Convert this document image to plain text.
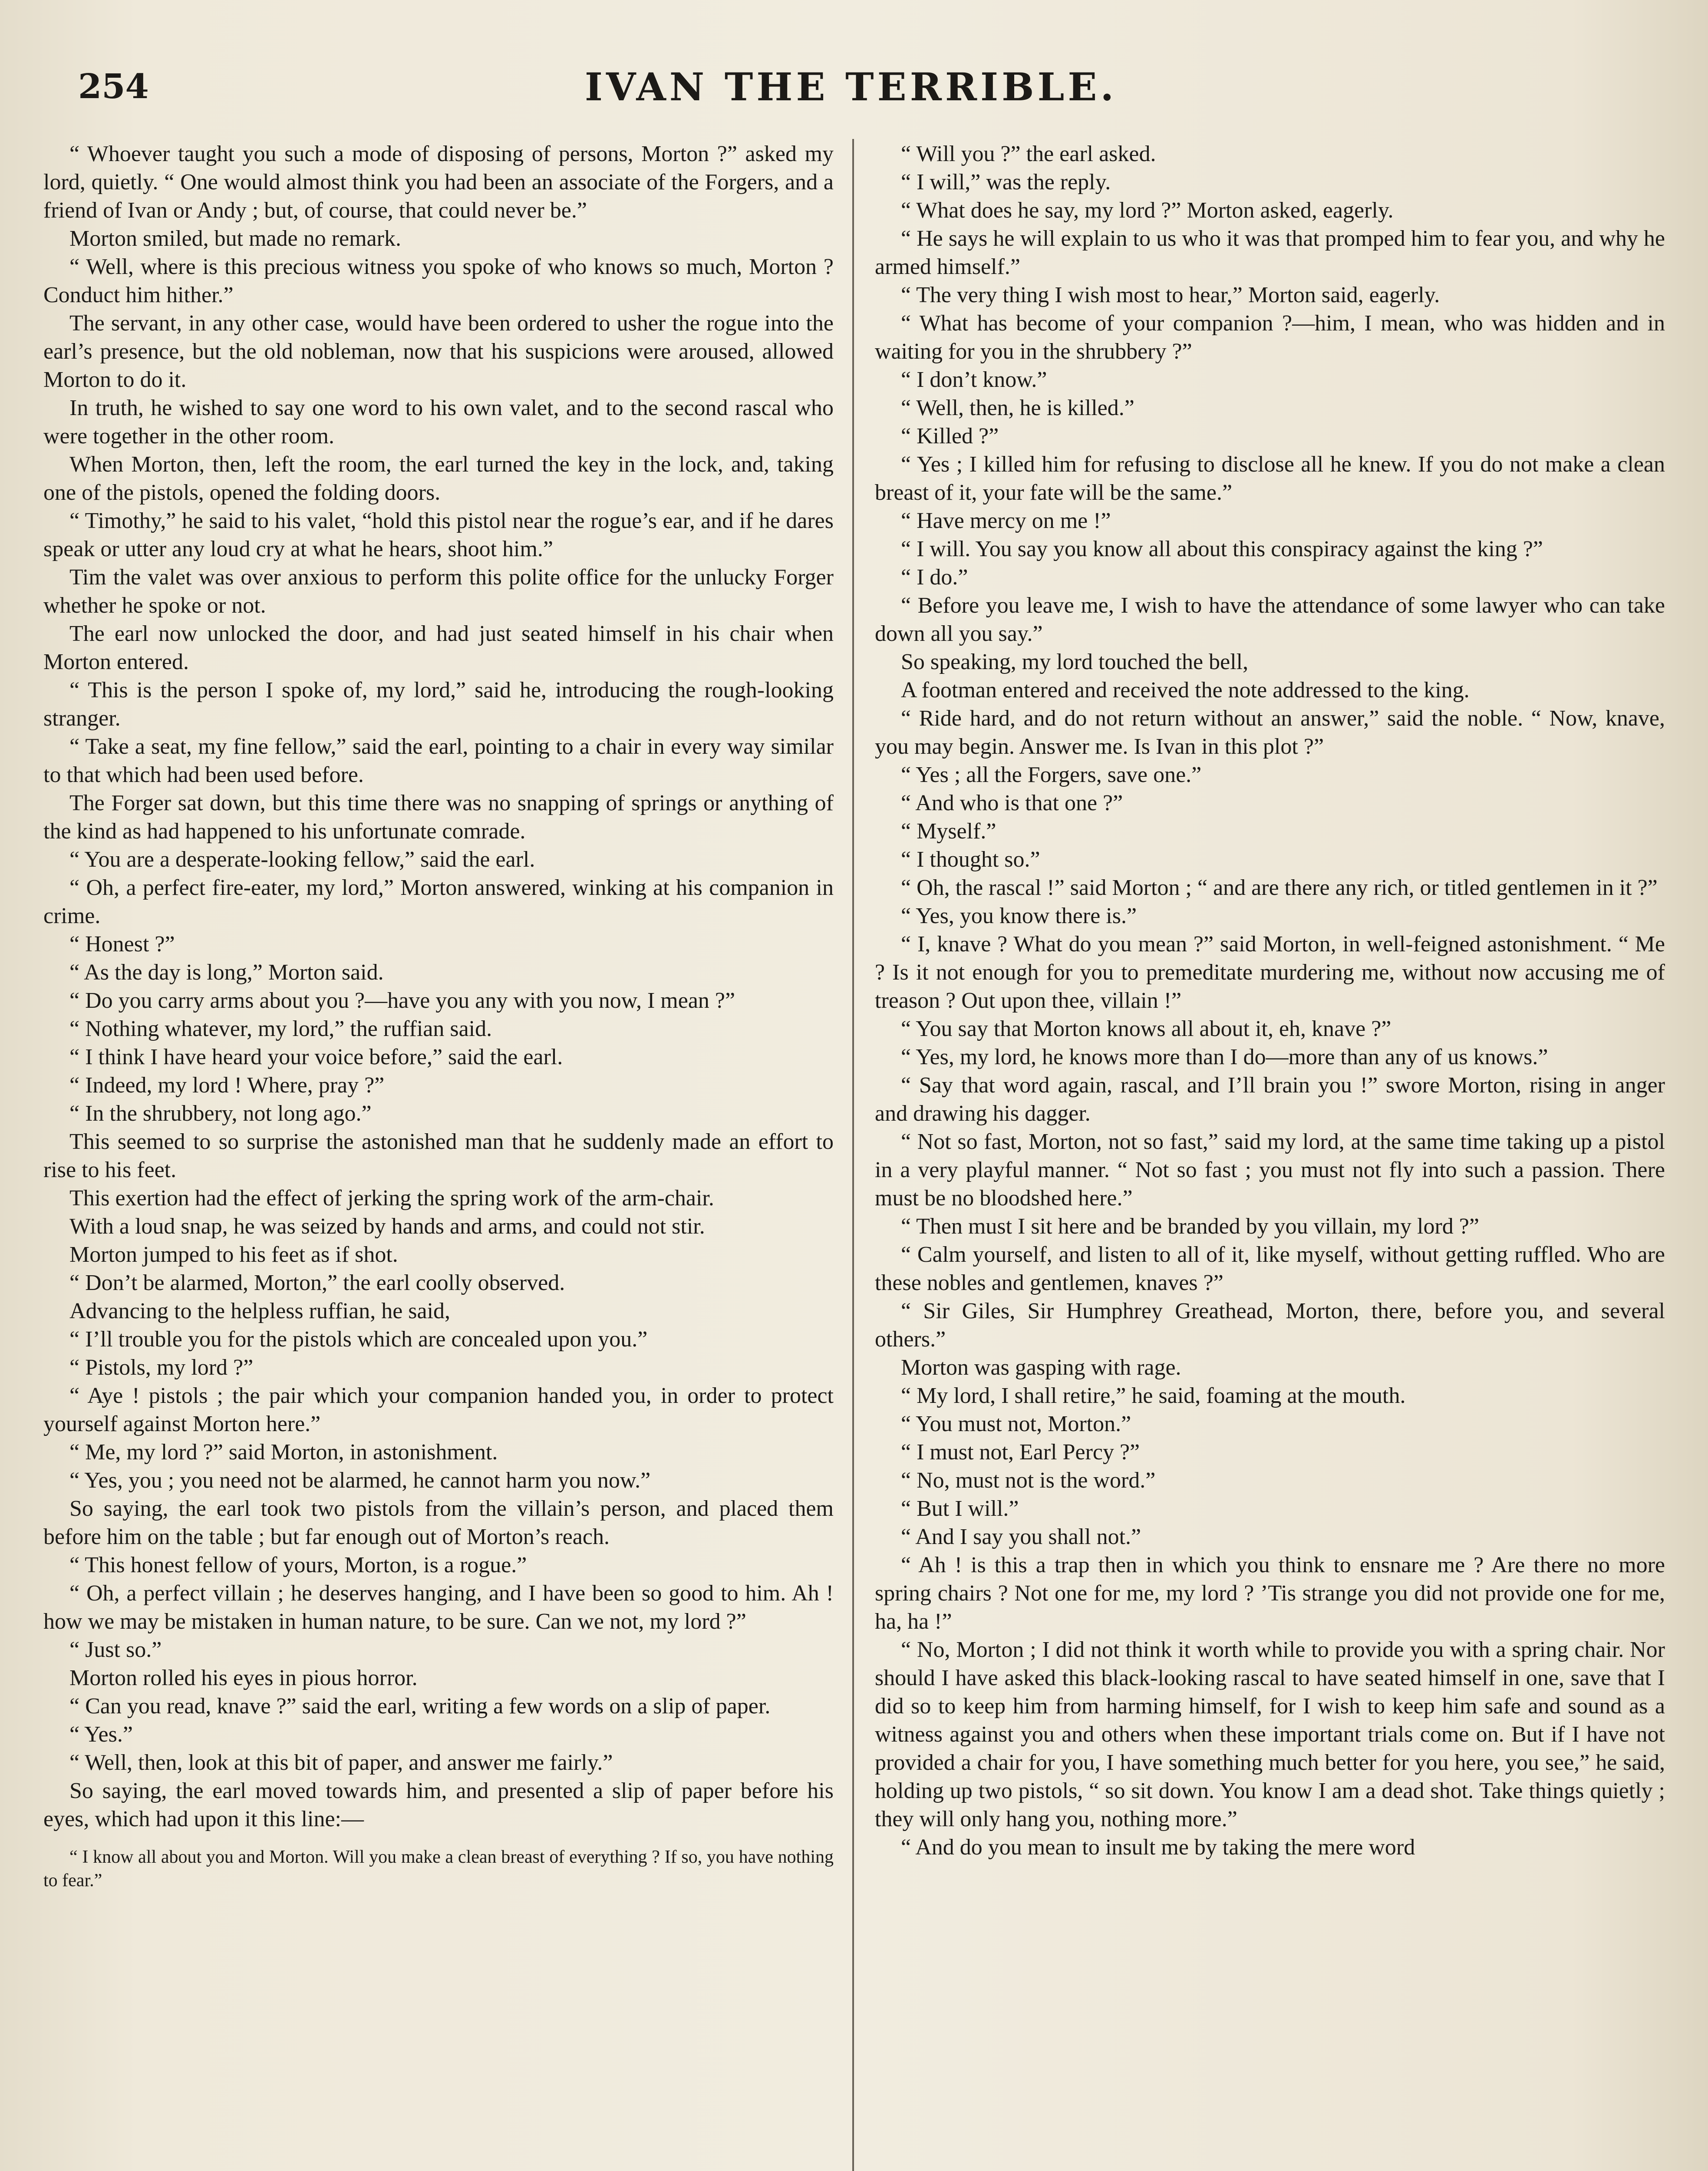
254	IVAN THE TERRIBLE.

“ Whoever taught you such a mode of disposing of persons, Morton ?” asked my lord, quietly. “ One would almost think you had been an associate of the Forgers, and a friend of Ivan or Andy ; but, of course, that could never be.”

Morton smiled, but made no remark.

“ Well, where is this precious witness you spoke of who knows so much, Morton ? Conduct him hither.”

The servant, in any other case, would have been ordered to usher the rogue into the earl’s presence, but the old nobleman, now that his suspicions were aroused, allowed Morton to do it.

In truth, he wished to say one word to his own valet, and to the second rascal who were together in the other room.

When Morton, then, left the room, the earl turned the key in the lock, and, taking one of the pistols, opened the folding doors.

“ Timothy,” he said to his valet, “hold this pistol near the rogue’s ear, and if he dares speak or utter any loud cry at what he hears, shoot him.”

Tim the valet was over anxious to perform this polite office for the unlucky Forger whether he spoke or not.

The earl now unlocked the door, and had just seated himself in his chair when Morton entered.

“ This is the person I spoke of, my lord,” said he, introducing the rough-looking stranger.

“ Take a seat, my fine fellow,” said the earl, pointing to a chair in every way similar to that which had been used before.

The Forger sat down, but this time there was no snapping of springs or anything of the kind as had happened to his unfortunate comrade.

“ You are a desperate-looking fellow,” said the earl.

“ Oh, a perfect fire-eater, my lord,” Morton answered, winking at his companion in crime.

“ Honest ?”

“ As the day is long,” Morton said.

“ Do you carry arms about you ?—have you any with you now, I mean ?”

“ Nothing whatever, my lord,” the ruffian said.

“ I think I have heard your voice before,” said the earl.

“ Indeed, my lord ! Where, pray ?”

“ In the shrubbery, not long ago.”

This seemed to so surprise the astonished man that he suddenly made an effort to rise to his feet.

This exertion had the effect of jerking the spring work of the arm-chair.

With a loud snap, he was seized by hands and arms, and could not stir.

Morton jumped to his feet as if shot.

“ Don’t be alarmed, Morton,” the earl coolly observed.

Advancing to the helpless ruffian, he said,

“ I’ll trouble you for the pistols which are concealed upon you.”

“ Pistols, my lord ?”

“ Aye ! pistols ; the pair which your companion handed you, in order to protect yourself against Morton here.”

“ Me, my lord ?” said Morton, in astonishment.

“ Yes, you ; you need not be alarmed, he cannot harm you now.”

So saying, the earl took two pistols from the villain’s person, and placed them before him on the table ; but far enough out of Morton’s reach.

“ This honest fellow of yours, Morton, is a rogue.”

“ Oh, a perfect villain ; he deserves hanging, and I have been so good to him. Ah ! how we may be mistaken in human nature, to be sure. Can we not, my lord ?”

“ Just so.”

Morton rolled his eyes in pious horror.

“ Can you read, knave ?” said the earl, writing a few words on a slip of paper.

“ Yes.”

“ Well, then, look at this bit of paper, and answer me fairly.”

So saying, the earl moved towards him, and presented a slip of paper before his eyes, which had upon it this line:—

“ I know all about you and Morton. Will you make a clean breast of everything ? If so, you have nothing to fear.”

“ Will you ?” the earl asked.

“ I will,” was the reply.

“ What does he say, my lord ?” Morton asked, eagerly.

“ He says he will explain to us who it was that promped him to fear you, and why he armed himself.”

“ The very thing I wish most to hear,” Morton said, eagerly.

“ What has become of your companion ?—him, I mean, who was hidden and in waiting for you in the shrubbery ?”

“ I don’t know.”

“ Well, then, he is killed.”

“ Killed ?”

“ Yes ; I killed him for refusing to disclose all he knew. If you do not make a clean breast of it, your fate will be the same.”

“ Have mercy on me !”

“ I will. You say you know all about this conspiracy against the king ?”

“ I do.”

“ Before you leave me, I wish to have the attendance of some lawyer who can take down all you say.”

So speaking, my lord touched the bell,

A footman entered and received the note addressed to the king.

“ Ride hard, and do not return without an answer,” said the noble. “ Now, knave, you may begin. Answer me. Is Ivan in this plot ?”

“ Yes ; all the Forgers, save one.”

“ And who is that one ?”

“ Myself.”

“ I thought so.”

“ Oh, the rascal !” said Morton ; “ and are there any rich, or titled gentlemen in it ?”

“ Yes, you know there is.”

“ I, knave ? What do you mean ?” said Morton, in well-feigned astonishment. “ Me ? Is it not enough for you to premeditate murdering me, without now accusing me of treason ? Out upon thee, villain !”

“ You say that Morton knows all about it, eh, knave ?”

“ Yes, my lord, he knows more than I do—more than any of us knows.”

“ Say that word again, rascal, and I’ll brain you !” swore Morton, rising in anger and drawing his dagger.

“ Not so fast, Morton, not so fast,” said my lord, at the same time taking up a pistol in a very playful manner. “ Not so fast ; you must not fly into such a passion. There must be no bloodshed here.”

“ Then must I sit here and be branded by you villain, my lord ?”

“ Calm yourself, and listen to all of it, like myself, without getting ruffled. Who are these nobles and gentlemen, knaves ?”

“ Sir Giles, Sir Humphrey Greathead, Morton, there, before you, and several others.”

Morton was gasping with rage.

“ My lord, I shall retire,” he said, foaming at the mouth.

“ You must not, Morton.”

“ I must not, Earl Percy ?”

“ No, must not is the word.”

“ But I will.”

“ And I say you shall not.”

“ Ah ! is this a trap then in which you think to ensnare me ? Are there no more spring chairs ? Not one for me, my lord ? ’Tis strange you did not provide one for me, ha, ha !”

“ No, Morton ; I did not think it worth while to provide you with a spring chair. Nor should I have asked this black-looking rascal to have seated himself in one, save that I did so to keep him from harming himself, for I wish to keep him safe and sound as a witness against you and others when these important trials come on. But if I have not provided a chair for you, I have something much better for you here, you see,” he said, holding up two pistols, “ so sit down. You know I am a dead shot. Take things quietly ; they will only hang you, nothing more.”

“ And do you mean to insult me by taking the mere word
